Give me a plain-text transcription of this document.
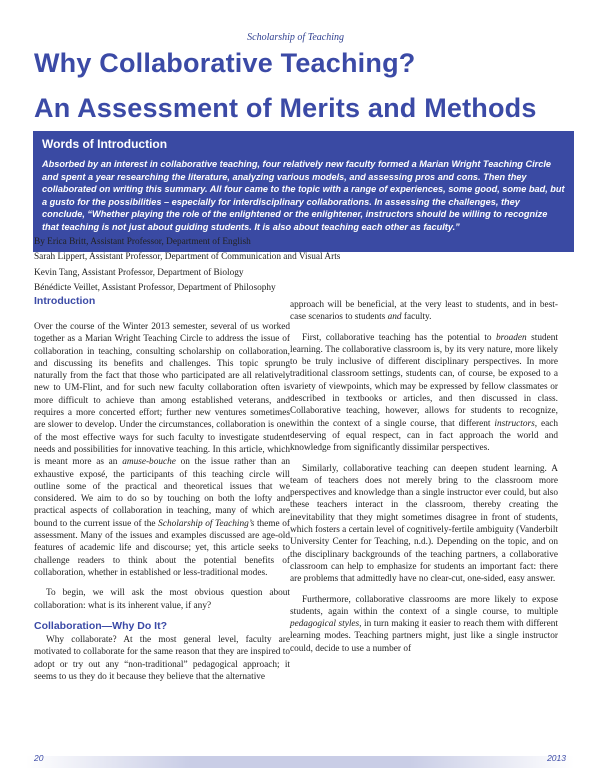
Scholarship of Teaching
Why Collaborative Teaching?
An Assessment of Merits and Methods
Words of Introduction
Absorbed by an interest in collaborative teaching, four relatively new faculty formed a Marian Wright Teaching Circle and spent a year researching the literature, analyzing various models, and assessing pros and cons. Then they collaborated on writing this summary. All four came to the topic with a range of experiences, some good, some bad, but a gusto for the possibilities – especially for interdisciplinary collaborations. In assessing the challenges, they conclude, “Whether playing the role of the enlightened or the enlightener, instructors should be willing to recognize that teaching is not just about guiding students. It is also about teaching each other as faculty.”
By Erica Britt, Assistant Professor, Department of English
Sarah Lippert, Assistant Professor, Department of Communication and Visual Arts
Kevin Tang, Assistant Professor, Department of Biology
Bénédicte Veillet, Assistant Professor, Department of Philosophy
Introduction

Over the course of the Winter 2013 semester, several of us worked together as a Marian Wright Teaching Circle to address the issue of collaboration in teaching, consulting scholarship on collaboration, and discussing its benefits and challenges. This topic sprung naturally from the fact that those who participated are all relatively new to UM-Flint, and for such new faculty collaboration often is more difficult to achieve than among established veterans, and requires a more concerted effort; further new ventures sometimes are slower to develop. Under the circumstances, collaboration is one of the most effective ways for such faculty to investigate student needs and possibilities for innovative teaching. In this article, which is meant more as an amuse-bouche on the issue rather than an exhaustive exposé, the participants of this teaching circle will outline some of the practical and theoretical issues that we considered. We aim to do so by touching on both the lofty and practical aspects of collaboration in teaching, many of which are bound to the current issue of the Scholarship of Teaching’s theme of assessment. Many of the issues and examples discussed are age-old features of academic life and discourse; yet, this article seeks to challenge readers to think about the potential benefits of collaboration, whether in established or less-traditional modes.

To begin, we will ask the most obvious question about collaboration: what is its inherent value, if any?

Collaboration—Why Do It?

Why collaborate? At the most general level, faculty are motivated to collaborate for the same reason that they are inspired to adopt or try out any “non-traditional” pedagogical approach; it seems to us they do it because they believe that the alternative

approach will be beneficial, at the very least to students, and in best-case scenarios to students and faculty.

First, collaborative teaching has the potential to broaden student learning. The collaborative classroom is, by its very nature, more likely to be truly inclusive of different disciplinary perspectives. In more traditional classroom settings, students can, of course, be exposed to a variety of viewpoints, which may be expressed by fellow classmates or described in textbooks or articles, and then discussed in class. Collaborative teaching, however, allows for students to recognize, within the context of a single course, that different instructors, each deserving of equal respect, can in fact approach the world and knowledge from significantly dissimilar perspectives.

Similarly, collaborative teaching can deepen student learning. A team of teachers does not merely bring to the classroom more perspectives and knowledge than a single instructor ever could, but also these teachers interact in the classroom, thereby creating the inevitability that they might sometimes disagree in front of students, which fosters a certain level of cognitively-fertile ambiguity (Vanderbilt University Center for Teaching, n.d.). Depending on the topic, and on the disciplinary backgrounds of the teaching partners, a collaborative classroom can help to emphasize for students an important fact: there are problems that admittedly have no clear-cut, one-sided, easy answer.

Furthermore, collaborative classrooms are more likely to expose students, again within the context of a single course, to multiple pedagogical styles, in turn making it easier to reach them with different learning modes. Teaching partners might, just like a single instructor could, decide to use a number of

20	2013
